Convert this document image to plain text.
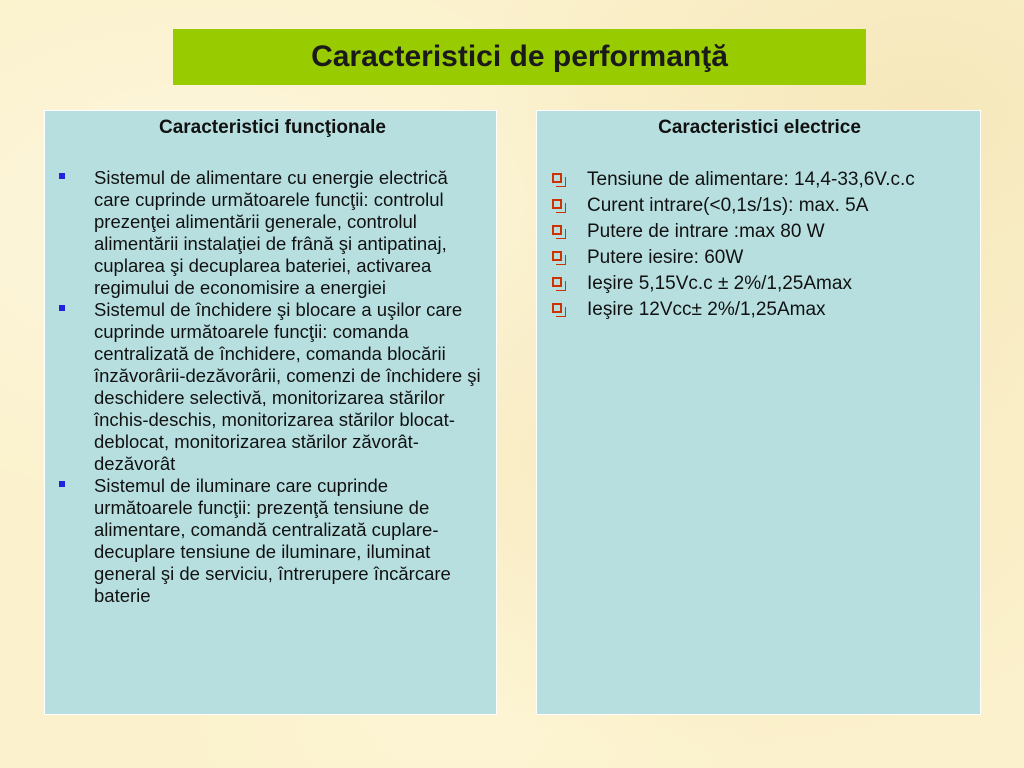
Caracteristici de performanţă
Caracteristici funcţionale
Sistemul de alimentare cu energie electrică care cuprinde următoarele funcţii: controlul prezenţei alimentării generale, controlul alimentării instalaţiei de frână şi antipatinaj, cuplarea şi decuplarea bateriei, activarea regimului de economisire a energiei
Sistemul de închidere şi blocare a uşilor care cuprinde următoarele funcţii: comanda centralizată de închidere, comanda blocării înzăvorârii-dezăvorârii, comenzi de închidere şi deschidere selectivă, monitorizarea stărilor închis-deschis, monitorizarea stărilor blocat-deblocat, monitorizarea stărilor zăvorât-dezăvorât
Sistemul de iluminare care cuprinde următoarele funcţii: prezenţă tensiune de alimentare, comandă centralizată cuplare-decuplare tensiune de iluminare, iluminat general şi de serviciu, întrerupere încărcare baterie
Caracteristici electrice
Tensiune de alimentare: 14,4-33,6V.c.c
Curent intrare(<0,1s/1s): max. 5A
Putere de intrare :max 80 W
Putere iesire: 60W
Ieşire 5,15Vc.c ± 2%/1,25Amax
Ieşire 12Vcc± 2%/1,25Amax
